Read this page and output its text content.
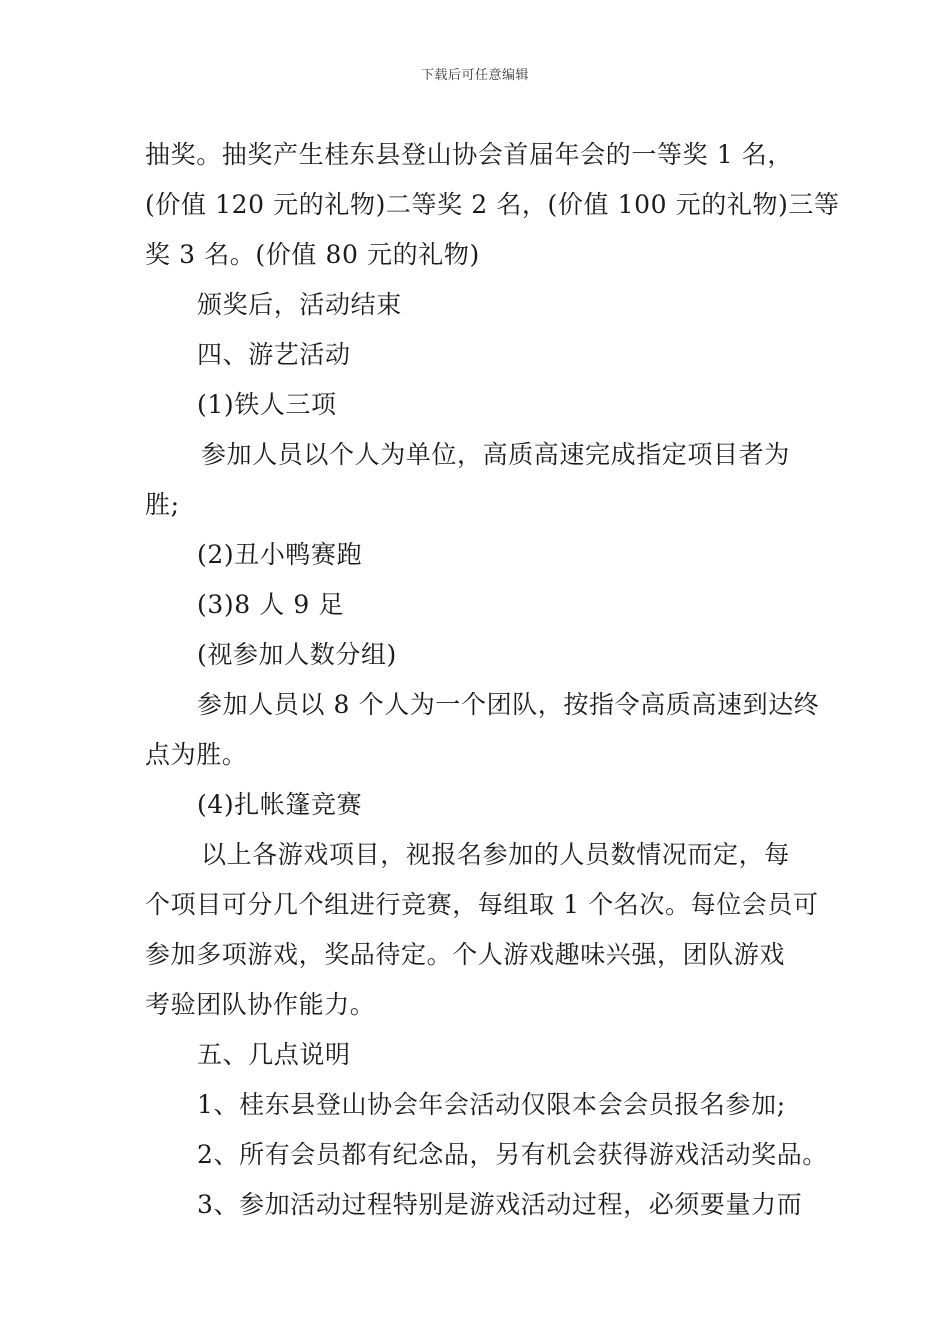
下载后可任意编辑
抽奖。抽奖产生桂东县登山协会首届年会的一等奖 1 名，
(价值 120 元的礼物)二等奖 2 名，(价值 100 元的礼物)三等
奖 3 名。(价值 80 元的礼物)
颁奖后，活动结束
四、游艺活动
(1)铁人三项
参加人员以个人为单位，高质高速完成指定项目者为
胜;
(2)丑小鸭赛跑
(3)8 人 9 足
(视参加人数分组)
参加人员以 8 个人为一个团队，按指令高质高速到达终
点为胜。
(4)扎帐篷竞赛
以上各游戏项目，视报名参加的人员数情况而定，每
个项目可分几个组进行竞赛，每组取 1 个名次。每位会员可
参加多项游戏，奖品待定。个人游戏趣味兴强，团队游戏
考验团队协作能力。
五、几点说明
1、桂东县登山协会年会活动仅限本会会员报名参加;
2、所有会员都有纪念品，另有机会获得游戏活动奖品。
3、参加活动过程特别是游戏活动过程，必须要量力而
